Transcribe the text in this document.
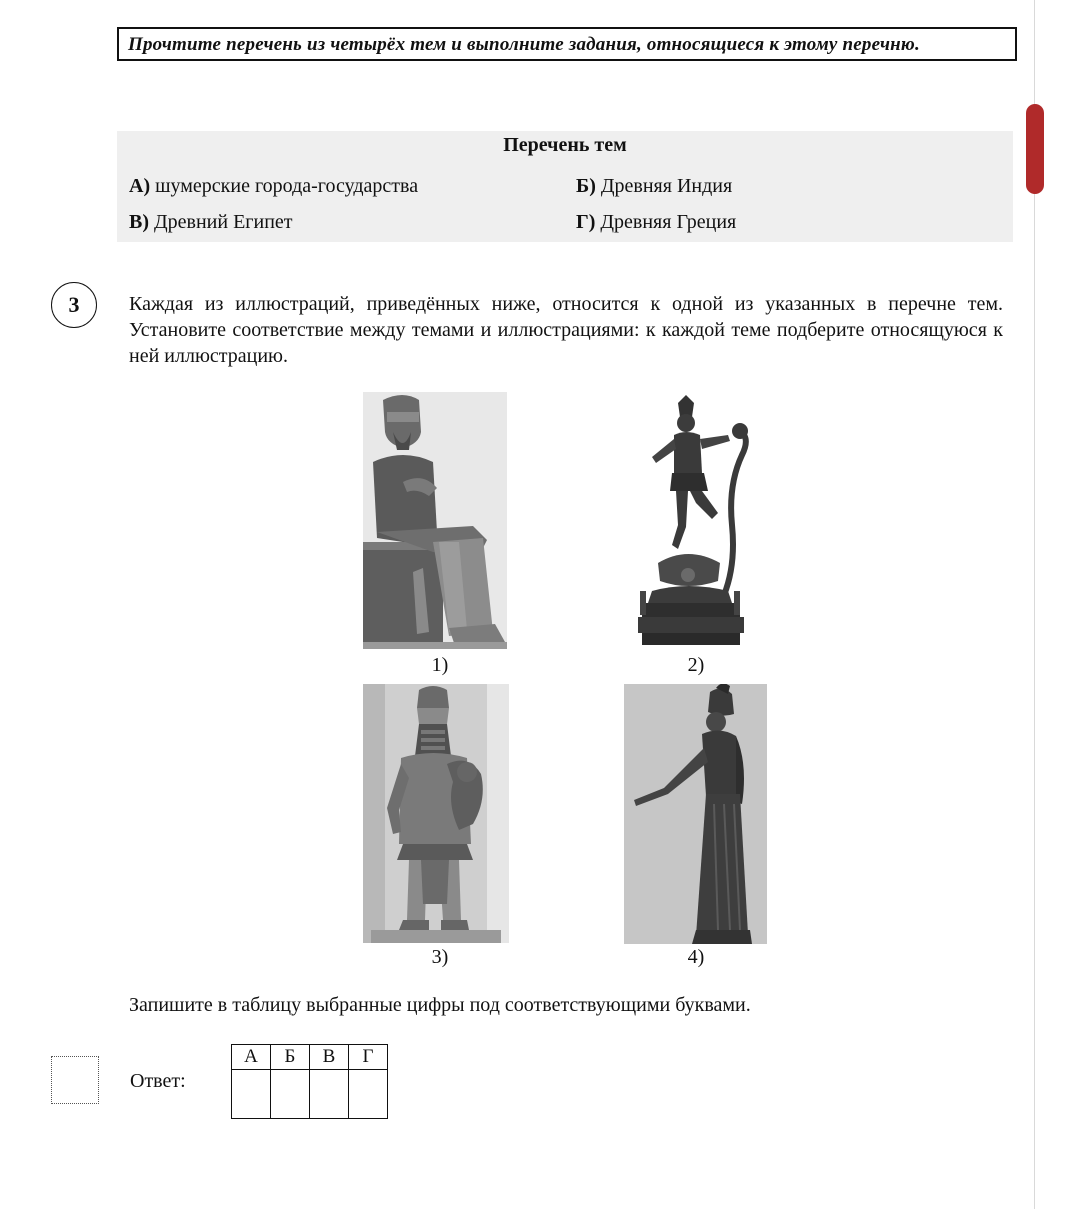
Прочтите перечень из четырёх тем и выполните задания, относящиеся к этому перечню.
Перечень тем
А) шумерские города-государства	Б) Древняя Индия
В) Древний Египет	Г) Древняя Греция
3	Каждая из иллюстраций, приведённых ниже, относится к одной из указанных в перечне тем. Установите соответствие между темами и иллюстрациями: к каждой теме подберите относящуюся к ней иллюстрацию.
1)	2)
3)	4)
Запишите в таблицу выбранные цифры под соответствующими буквами.
Ответ:
А	Б	В	Г
